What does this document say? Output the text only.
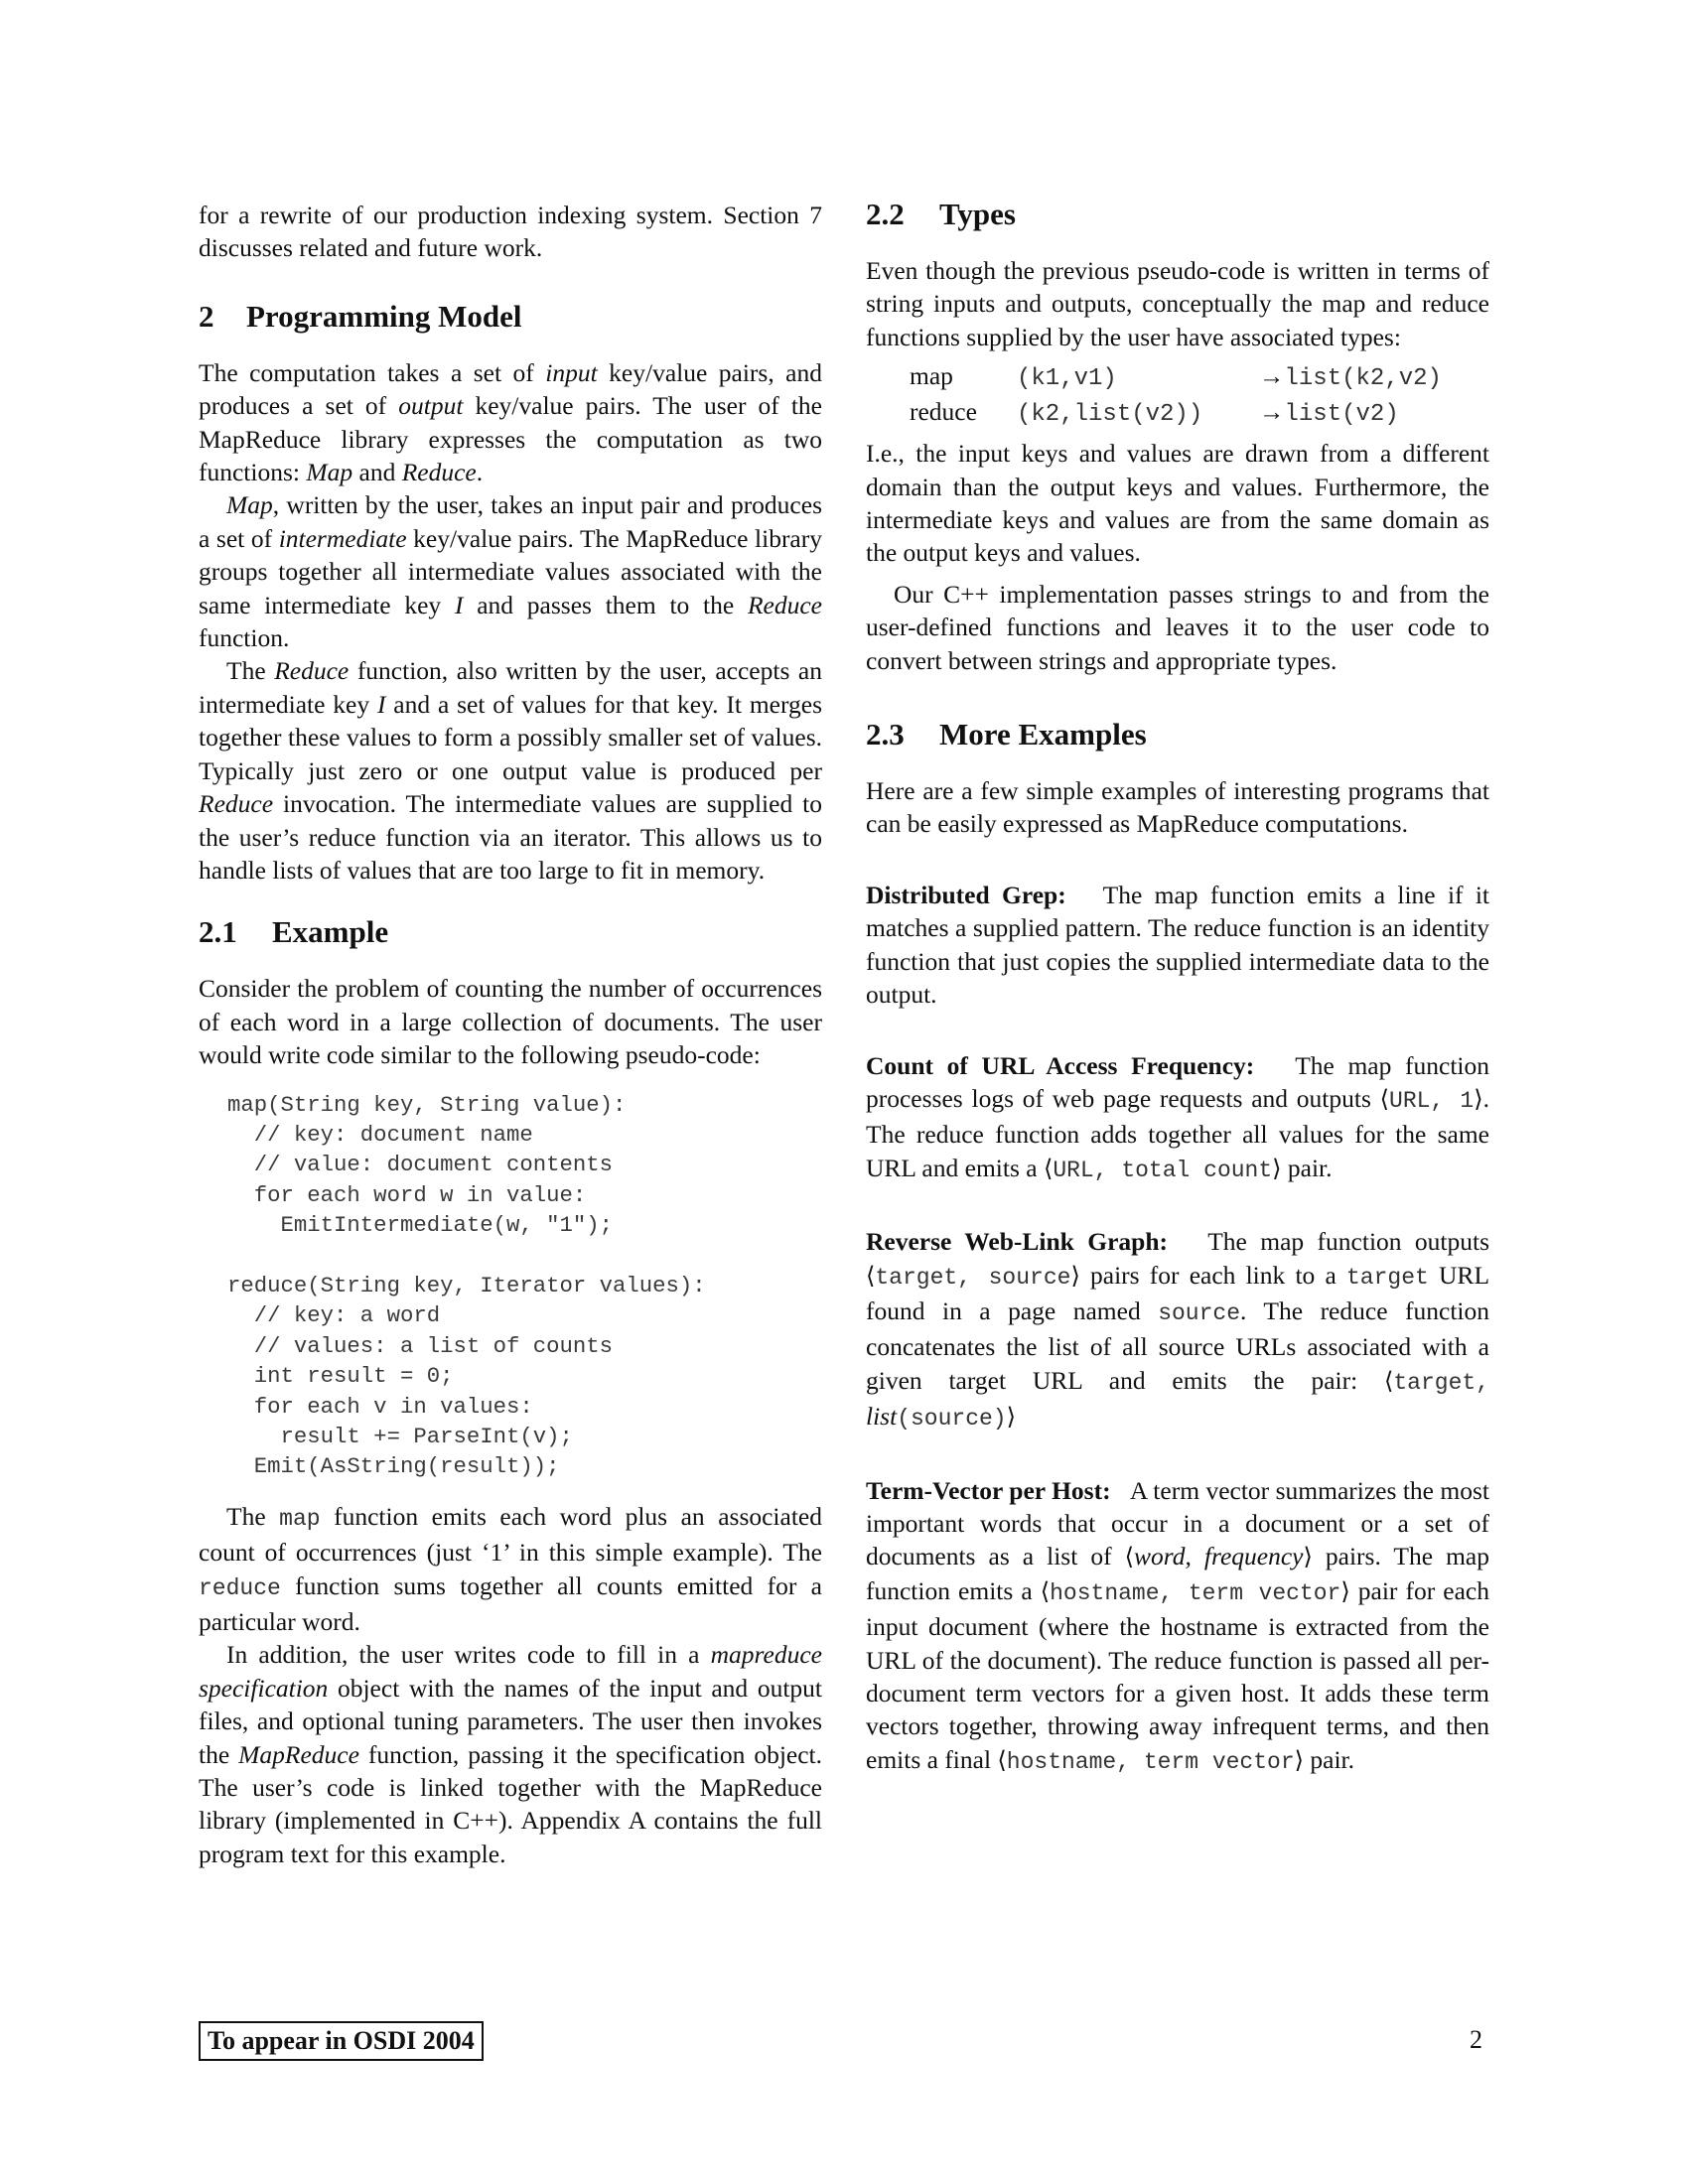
for a rewrite of our production indexing system. Section 7 discusses related and future work.

2 Programming Model

The computation takes a set of input key/value pairs, and produces a set of output key/value pairs. The user of the MapReduce library expresses the computation as two functions: Map and Reduce.

Map, written by the user, takes an input pair and produces a set of intermediate key/value pairs. The MapReduce library groups together all intermediate values associated with the same intermediate key I and passes them to the Reduce function.

The Reduce function, also written by the user, accepts an intermediate key I and a set of values for that key. It merges together these values to form a possibly smaller set of values. Typically just zero or one output value is produced per Reduce invocation. The intermediate values are supplied to the user’s reduce function via an iterator. This allows us to handle lists of values that are too large to fit in memory.

2.1 Example

Consider the problem of counting the number of occurrences of each word in a large collection of documents. The user would write code similar to the following pseudo-code:

map(String key, String value):
// key: document name
// value: document contents
for each word w in value:
EmitIntermediate(w, "1");

reduce(String key, Iterator values):
// key: a word
// values: a list of counts
int result = 0;
for each v in values:
result += ParseInt(v);
Emit(AsString(result));

The map function emits each word plus an associated count of occurrences (just ‘1’ in this simple example). The reduce function sums together all counts emitted for a particular word.

In addition, the user writes code to fill in a mapreduce specification object with the names of the input and output files, and optional tuning parameters. The user then invokes the MapReduce function, passing it the specification object. The user’s code is linked together with the MapReduce library (implemented in C++). Appendix A contains the full program text for this example.

2.2 Types

Even though the previous pseudo-code is written in terms of string inputs and outputs, conceptually the map and reduce functions supplied by the user have associated types:

map	(k1,v1)	→	list(k2,v2)
reduce	(k2,list(v2))	→	list(v2)

I.e., the input keys and values are drawn from a different domain than the output keys and values. Furthermore, the intermediate keys and values are from the same domain as the output keys and values.

Our C++ implementation passes strings to and from the user-defined functions and leaves it to the user code to convert between strings and appropriate types.

2.3 More Examples

Here are a few simple examples of interesting programs that can be easily expressed as MapReduce computations.

Distributed Grep: The map function emits a line if it matches a supplied pattern. The reduce function is an identity function that just copies the supplied intermediate data to the output.

Count of URL Access Frequency: The map function processes logs of web page requests and outputs ⟨URL, 1⟩. The reduce function adds together all values for the same URL and emits a ⟨URL, total count⟩ pair.

Reverse Web-Link Graph: The map function outputs ⟨target, source⟩ pairs for each link to a target URL found in a page named source. The reduce function concatenates the list of all source URLs associated with a given target URL and emits the pair: ⟨target, list(source)⟩

Term-Vector per Host: A term vector summarizes the most important words that occur in a document or a set of documents as a list of ⟨word, frequency⟩ pairs. The map function emits a ⟨hostname, term vector⟩ pair for each input document (where the hostname is extracted from the URL of the document). The reduce function is passed all per-document term vectors for a given host. It adds these term vectors together, throwing away infrequent terms, and then emits a final ⟨hostname, term vector⟩ pair.

To appear in OSDI 2004	2
